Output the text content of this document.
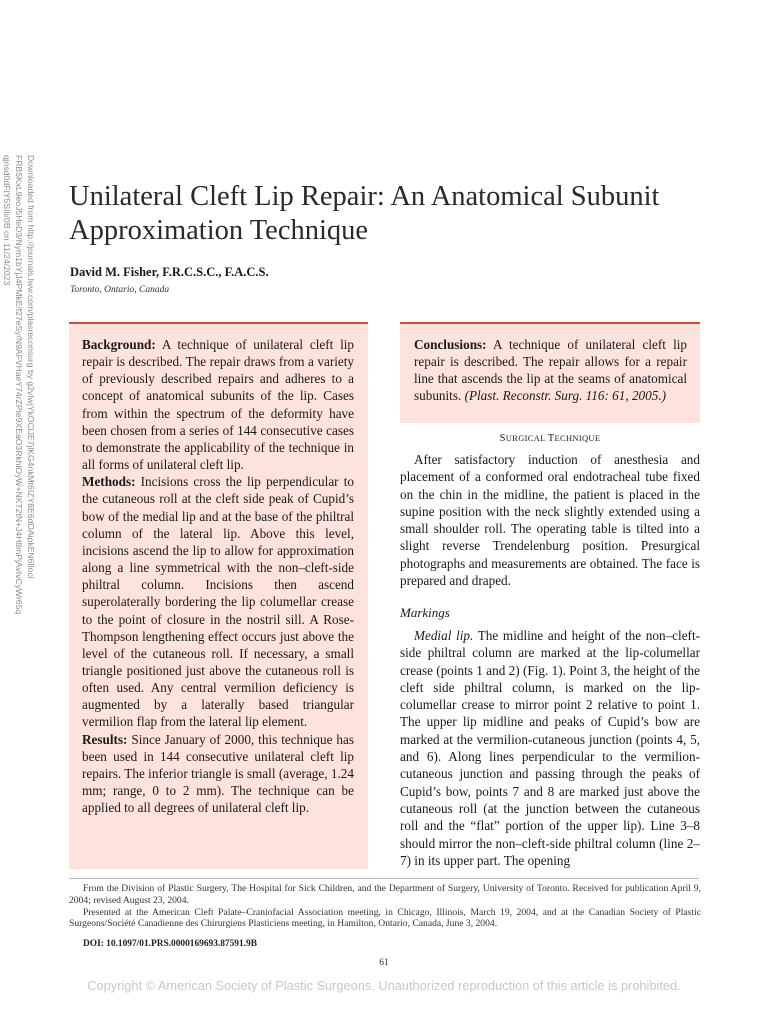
Downloaded from http://journals.lww.com/plasreconsurg by g2vIwjYkOClJE7jlKG4nkMt6IZY8E6dOAipkEN6Ilocl
FRB5KxL9eoJ5HeD3/Nym1bYjJ4PMkE/f27eSy/N9AFVHaeY74rZPte9XEaO3RkhlOyW+NKT2tN+J4H8mPjAvIvCyWr65q
qjnsd0dFtY5SIIi/0B on 11/24/2023 Unilateral Cleft Lip Repair: An Anatomical Subunit Approximation Technique
David M. Fisher, F.R.C.S.C., F.A.C.S.
Toronto, Ontario, Canada

Background: A technique of unilateral cleft lip repair is described. The repair draws from a variety of previously described repairs and adheres to a concept of anatomical subunits of the lip. Cases from within the spectrum of the deformity have been chosen from a series of 144 consecutive cases to demonstrate the applicability of the technique in all forms of unilateral cleft lip.

Methods: Incisions cross the lip perpendicular to the cutaneous roll at the cleft side peak of Cupid’s bow of the medial lip and at the base of the philtral column of the lateral lip. Above this level, incisions ascend the lip to allow for approximation along a line symmetrical with the non–cleft-side philtral column. Incisions then ascend superolaterally bordering the lip columellar crease to the point of closure in the nostril sill. A Rose-Thompson lengthening effect occurs just above the level of the cutaneous roll. If necessary, a small triangle positioned just above the cutaneous roll is often used. Any central vermilion deficiency is augmented by a laterally based triangular vermilion flap from the lateral lip element.

Results: Since January of 2000, this technique has been used in 144 consecutive unilateral cleft lip repairs. The inferior triangle is small (average, 1.24 mm; range, 0 to 2 mm). The technique can be applied to all degrees of unilateral cleft lip.

Conclusions: A technique of unilateral cleft lip repair is described. The repair allows for a repair line that ascends the lip at the seams of anatomical subunits. (Plast. Reconstr. Surg. 116: 61, 2005.)

SURGICAL TECHNIQUE

After satisfactory induction of anesthesia and placement of a conformed oral endotracheal tube fixed on the chin in the midline, the patient is placed in the supine position with the neck slightly extended using a small shoulder roll. The operating table is tilted into a slight reverse Trendelenburg position. Presurgical photographs and measurements are obtained. The face is prepared and draped.

Markings

Medial lip. The midline and height of the non–cleft-side philtral column are marked at the lip-columellar crease (points 1 and 2) (Fig. 1). Point 3, the height of the cleft side philtral column, is marked on the lip-columellar crease to mirror point 2 relative to point 1. The upper lip midline and peaks of Cupid’s bow are marked at the vermilion-cutaneous junction (points 4, 5, and 6). Along lines perpendicular to the vermilion-cutaneous junction and passing through the peaks of Cupid’s bow, points 7 and 8 are marked just above the cutaneous roll (at the junction between the cutaneous roll and the “flat” portion of the upper lip). Line 3–8 should mirror the non–cleft-side philtral column (line 2–7) in its upper part. The opening

From the Division of Plastic Surgery, The Hospital for Sick Children, and the Department of Surgery, University of Toronto. Received for publication April 9, 2004; revised August 23, 2004.

Presented at the American Cleft Palate–Craniofacial Association meeting, in Chicago, Illinois, March 19, 2004, and at the Canadian Society of Plastic Surgeons/Société Canadienne des Chirurgiens Plasticiens meeting, in Hamilton, Ontario, Canada, June 3, 2004.

DOI: 10.1097/01.PRS.0000169693.87591.9B
61
Copyright © American Society of Plastic Surgeons. Unauthorized reproduction of this article is prohibited.
